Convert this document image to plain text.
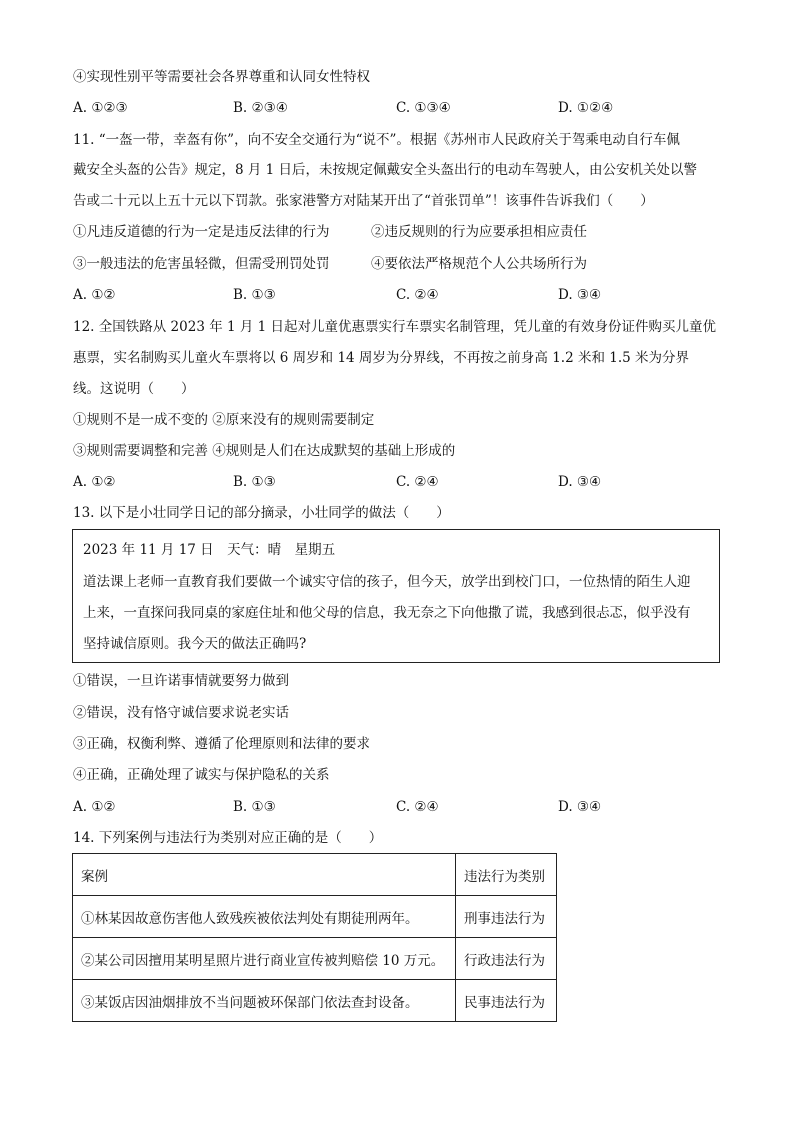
④实现性别平等需要社会各界尊重和认同女性特权
A. ①②③	B. ②③④	C. ①③④	D. ①②④
11. “一盔一带，幸盔有你”，向不安全交通行为“说不”。根据《苏州市人民政府关于驾乘电动自行车佩
戴安全头盔的公告》规定，8 月 1 日后，未按规定佩戴安全头盔出行的电动车驾驶人，由公安机关处以警
告或二十元以上五十元以下罚款。张家港警方对陆某开出了“首张罚单”！该事件告诉我们（　　）
①凡违反道德的行为一定是违反法律的行为	②违反规则的行为应要承担相应责任
③一般违法的危害虽轻微，但需受刑罚处罚	④要依法严格规范个人公共场所行为
A. ①②	B. ①③	C. ②④	D. ③④
12. 全国铁路从 2023 年 1 月 1 日起对儿童优惠票实行车票实名制管理，凭儿童的有效身份证件购买儿童优
惠票，实名制购买儿童火车票将以 6 周岁和 14 周岁为分界线，不再按之前身高 1.2 米和 1.5 米为分界
线。这说明（　　）
①规则不是一成不变的 ②原来没有的规则需要制定
③规则需要调整和完善 ④规则是人们在达成默契的基础上形成的
A. ①②	B. ①③	C. ②④	D. ③④
13. 以下是小壮同学日记的部分摘录，小壮同学的做法（　　）
2023 年 11 月 17 日　天气：晴　星期五
道法课上老师一直教育我们要做一个诚实守信的孩子，但今天，放学出到校门口，一位热情的陌生人迎
上来，一直探问我同桌的家庭住址和他父母的信息，我无奈之下向他撒了谎，我感到很忐忑，似乎没有
坚持诚信原则。我今天的做法正确吗?
①错误，一旦许诺事情就要努力做到
②错误，没有恪守诚信要求说老实话
③正确，权衡利弊、遵循了伦理原则和法律的要求
④正确，正确处理了诚实与保护隐私的关系
A. ①②	B. ①③	C. ②④	D. ③④
14. 下列案例与违法行为类别对应正确的是（　　）
案例	违法行为类别
①林某因故意伤害他人致残疾被依法判处有期徒刑两年。	刑事违法行为
②某公司因擅用某明星照片进行商业宣传被判赔偿 10 万元。	行政违法行为
③某饭店因油烟排放不当问题被环保部门依法查封设备。	民事违法行为
